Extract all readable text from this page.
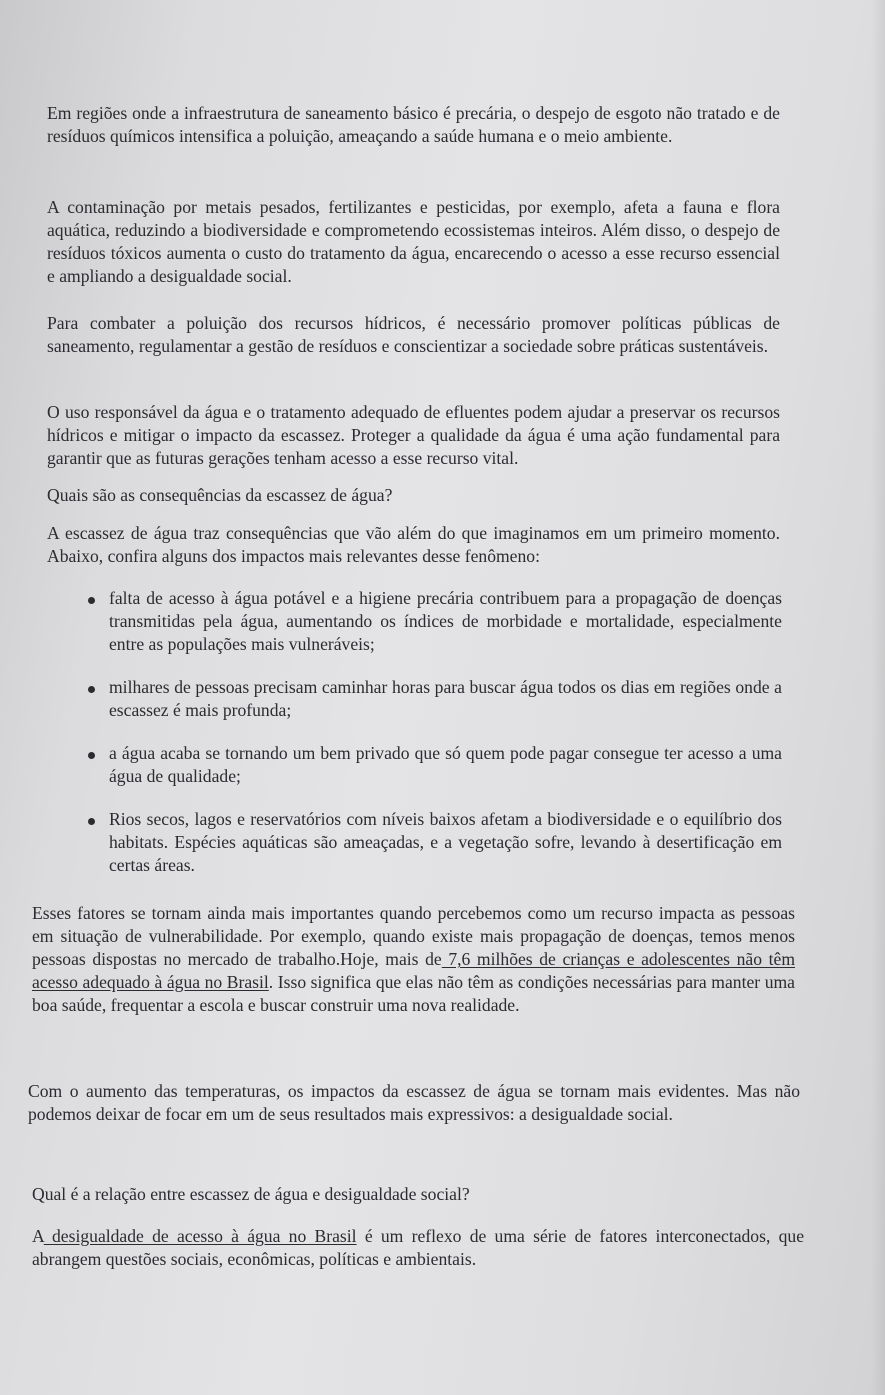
Em regiões onde a infraestrutura de saneamento básico é precária, o despejo de esgoto não tratado e de resíduos químicos intensifica a poluição, ameaçando a saúde humana e o meio ambiente.

A contaminação por metais pesados, fertilizantes e pesticidas, por exemplo, afeta a fauna e flora aquática, reduzindo a biodiversidade e comprometendo ecossistemas inteiros. Além disso, o despejo de resíduos tóxicos aumenta o custo do tratamento da água, encarecendo o acesso a esse recurso essencial e ampliando a desigualdade social.

Para combater a poluição dos recursos hídricos, é necessário promover políticas públicas de saneamento, regulamentar a gestão de resíduos e conscientizar a sociedade sobre práticas sustentáveis.

O uso responsável da água e o tratamento adequado de efluentes podem ajudar a preservar os recursos hídricos e mitigar o impacto da escassez. Proteger a qualidade da água é uma ação fundamental para garantir que as futuras gerações tenham acesso a esse recurso vital.

Quais são as consequências da escassez de água?

A escassez de água traz consequências que vão além do que imaginamos em um primeiro momento. Abaixo, confira alguns dos impactos mais relevantes desse fenômeno:

falta de acesso à água potável e a higiene precária contribuem para a propagação de doenças transmitidas pela água, aumentando os índices de morbidade e mortalidade, especialmente entre as populações mais vulneráveis;

milhares de pessoas precisam caminhar horas para buscar água todos os dias em regiões onde a escassez é mais profunda;

a água acaba se tornando um bem privado que só quem pode pagar consegue ter acesso a uma água de qualidade;

Rios secos, lagos e reservatórios com níveis baixos afetam a biodiversidade e o equilíbrio dos habitats. Espécies aquáticas são ameaçadas, e a vegetação sofre, levando à desertificação em certas áreas.

Esses fatores se tornam ainda mais importantes quando percebemos como um recurso impacta as pessoas em situação de vulnerabilidade. Por exemplo, quando existe mais propagação de doenças, temos menos pessoas dispostas no mercado de trabalho.Hoje, mais de 7,6 milhões de crianças e adolescentes não têm acesso adequado à água no Brasil. Isso significa que elas não têm as condições necessárias para manter uma boa saúde, frequentar a escola e buscar construir uma nova realidade.

Com o aumento das temperaturas, os impactos da escassez de água se tornam mais evidentes. Mas não podemos deixar de focar em um de seus resultados mais expressivos: a desigualdade social.

Qual é a relação entre escassez de água e desigualdade social?

A desigualdade de acesso à água no Brasil é um reflexo de uma série de fatores interconectados, que abrangem questões sociais, econômicas, políticas e ambientais.
